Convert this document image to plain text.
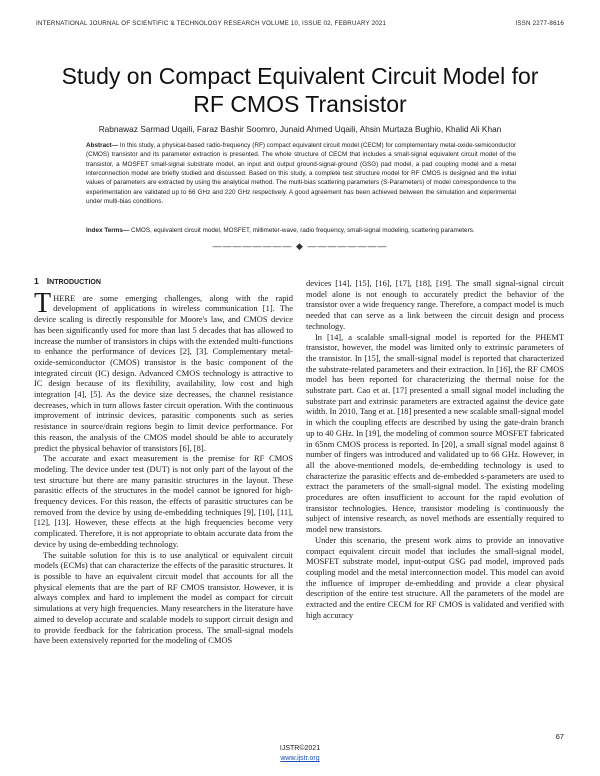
INTERNATIONAL JOURNAL OF SCIENTIFIC & TECHNOLOGY RESEARCH VOLUME 10, ISSUE 02, FEBRUARY 2021	ISSN 2277-8616
Study on Compact Equivalent Circuit Model for
RF CMOS Transistor
Rabnawaz Sarmad Uqaili, Faraz Bashir Soomro, Junaid Ahmed Uqaili, Ahsin Murtaza Bughio, Khalid Ali Khan
Abstract— In this study, a physical-based radio-frequency (RF) compact equivalent circuit model (CECM) for complementary metal-oxide-semiconductor (CMOS) transistor and its parameter extraction is presented. The whole structure of CECM that includes a small-signal equivalent circuit model of the transistor, a MOSFET small-signal substrate model, an input and output ground-signal-ground (GSG) pad model, a pad coupling model and a metal interconnection model are briefly studied and discussed. Based on this study, a complete test structure model for RF CMOS is designed and the initial values of parameters are extracted by using the analytical method. The multi-bias scattering parameters (S-Parameters) of model correspondence to the experimentation are validated up to 66 GHz and 220 GHz respectively. A good agreement has been achieved between the simulation and experimental under multi-bias conditions.
Index Terms— CMOS, equivalent circuit model, MOSFET, millimeter-wave, radio frequency, small-signal modeling, scattering parameters.
———————— ◆ ————————
1 INTRODUCTION

THERE are some emerging challenges, along with the rapid development of applications in wireless communication [1]. The device scaling is directly responsible for Moore's law, and CMOS device has been significantly used for more than last 5 decades that has allowed to increase the number of transistors in chips with the extended multi-functions to enhance the performance of devices [2], [3]. Complementary metal-oxide-semiconductor (CMOS) transistor is the basic component of the integrated circuit (IC) design. Advanced CMOS technology is attractive to IC design because of its flexibility, availability, low cost and high integration [4], [5]. As the device size decreases, the channel resistance decreases, which in turn allows faster circuit operation. With the continuous improvement of intrinsic devices, parasitic components such as series resistance in source/drain regions begin to limit device performance. For this reason, the analysis of the CMOS model should be able to accurately predict the physical behavior of transistors [6], [8].

The accurate and exact measurement is the premise for RF CMOS modeling. The device under test (DUT) is not only part of the layout of the test structure but there are many parasitic structures in the layout. These parasitic effects of the structures in the model cannot be ignored for high-frequency devices. For this reason, the effects of parasitic structures can be removed from the device by using de-embedding techniques [9], [10], [11], [12], [13]. However, these effects at the high frequencies become very complicated. Therefore, it is not appropriate to obtain accurate data from the device by using de-embedding technology.

The suitable solution for this is to use analytical or equivalent circuit models (ECMs) that can characterize the effects of the parasitic structures. It is possible to have an equivalent circuit model that accounts for all the physical elements that are the part of RF CMOS transistor. However, it is always complex and hard to implement the model as compact for circuit simulations at very high frequencies. Many researchers in the literature have aimed to develop accurate and scalable models to support circuit design and to provide feedback for the fabrication process. The small-signal models have been extensively reported for the modeling of CMOS

devices [14], [15], [16], [17], [18], [19]. The small signal-signal circuit model alone is not enough to accurately predict the behavior of the transistor over a wide frequency range. Therefore, a compact model is much needed that can serve as a link between the circuit design and process technology.

In [14], a scalable small-signal model is reported for the PHEMT transistor, however, the model was limited only to extrinsic parameters of the transistor. In [15], the small-signal model is reported that characterized the substrate-related parameters and their extraction. In [16], the RF CMOS model has been reported for characterizing the thermal noise for the substrate part. Cao et at. [17] presented a small signal model including the substrate part and extrinsic parameters are extracted against the device gate width. In 2010, Tang et at. [18] presented a new scalable small-signal model in which the coupling effects are described by using the gate-drain branch up to 40 GHz. In [19], the modeling of common source MOSFET fabricated in 65nm CMOS process is reported. In [20], a small signal model against 8 number of fingers was introduced and validated up to 66 GHz. However, in all the above-mentioned models, de-embedding technology is used to characterize the parasitic effects and de-embedded s-parameters are used to extract the parameters of the small-signal model. The existing modeling procedures are often insufficient to account for the rapid evolution of transistor technologies. Hence, transistor modeling is continuously the subject of intensive research, as novel methods are essentially required to model new transistors.

Under this scenario, the present work aims to provide an innovative compact equivalent circuit model that includes the small-signal model, MOSFET substrate model, input-output GSG pad model, improved pads coupling model and the metal interconnection model. This model can avoid the influence of improper de-embedding and provide a clear physical description of the entire test structure. All the parameters of the model are extracted and the entire CECM for RF CMOS is validated and verified with high accuracy

67
IJSTR©2021
www.ijstr.org
